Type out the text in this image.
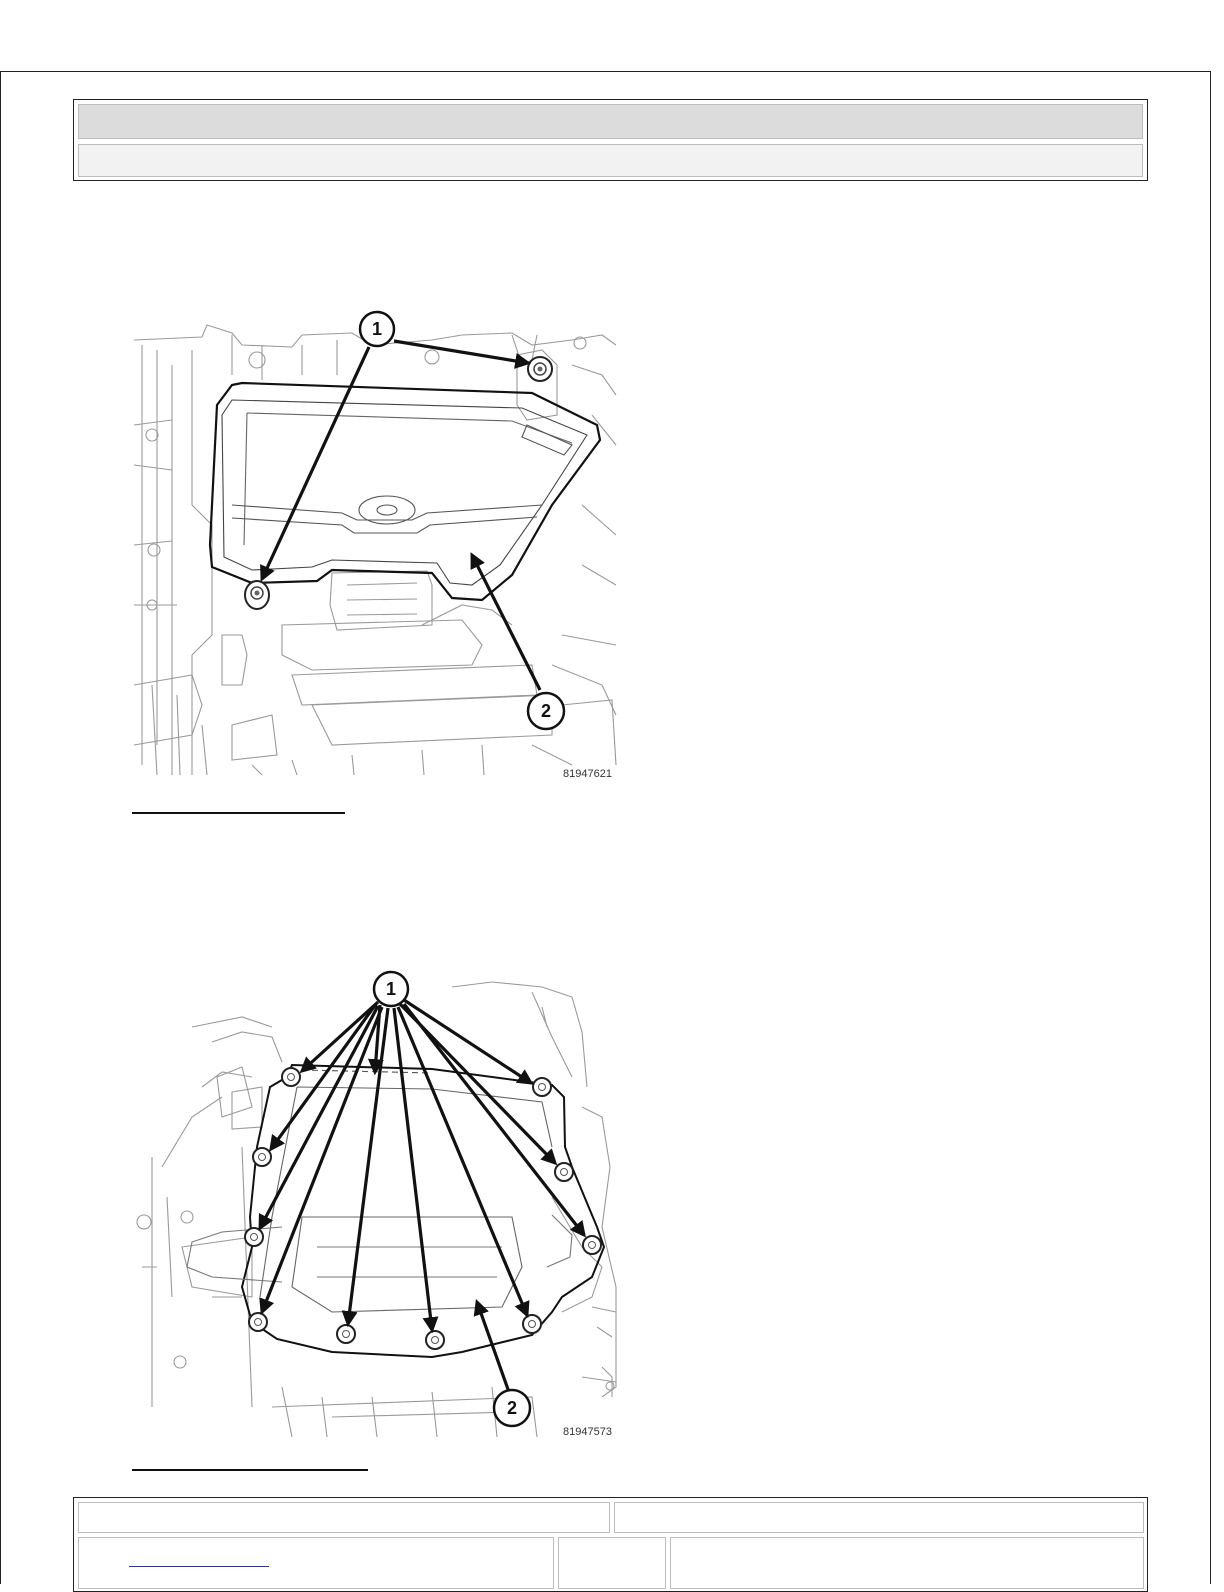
1
2
81947621
1
2
81947573
